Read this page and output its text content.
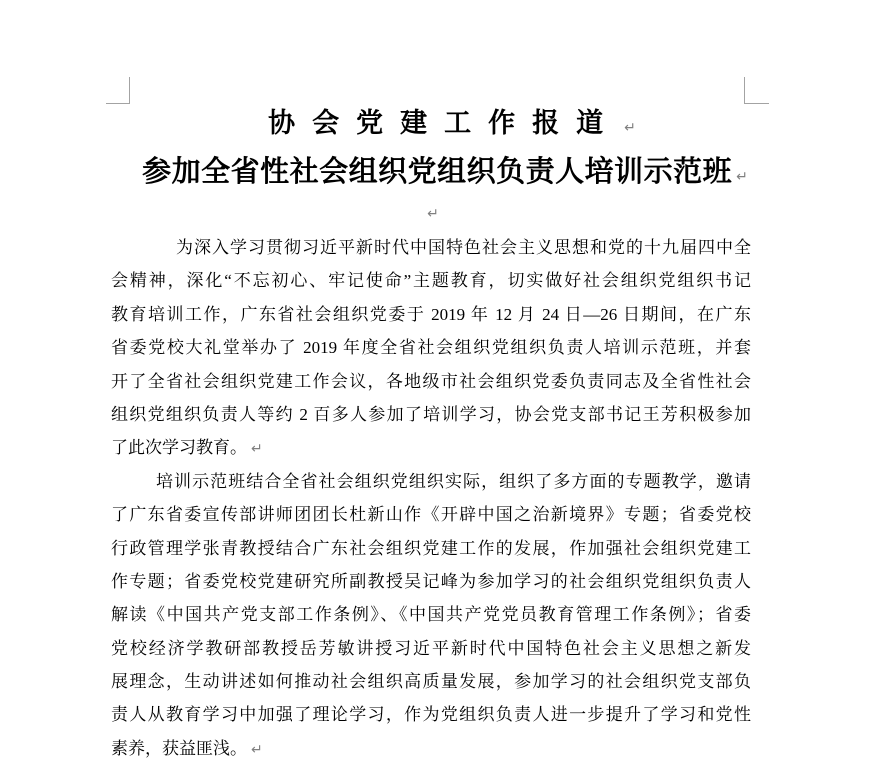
协会党建工作报道 ↵
参加全省性社会组织党组织负责人培训示范班 ↵
↵
为深入学习贯彻习近平新时代中国特色社会主义思想和党的十九届四中全
会精神，深化“不忘初心、牢记使命”主题教育，切实做好社会组织党组织书记
教育培训工作，广东省社会组织党委于 2019 年 12 月 24 日—26 日期间，在广东
省委党校大礼堂举办了 2019 年度全省社会组织党组织负责人培训示范班，并套
开了全省社会组织党建工作会议，各地级市社会组织党委负责同志及全省性社会
组织党组织负责人等约 2 百多人参加了培训学习，协会党支部书记王芳积极参加
了此次学习教育。 ↵
培训示范班结合全省社会组织党组织实际，组织了多方面的专题教学，邀请
了广东省委宣传部讲师团团长杜新山作《开辟中国之治新境界》专题；省委党校
行政管理学张青教授结合广东社会组织党建工作的发展，作加强社会组织党建工
作专题；省委党校党建研究所副教授吴记峰为参加学习的社会组织党组织负责人
解读《中国共产党支部工作条例》、《中国共产党党员教育管理工作条例》；省委
党校经济学教研部教授岳芳敏讲授习近平新时代中国特色社会主义思想之新发
展理念，生动讲述如何推动社会组织高质量发展，参加学习的社会组织党支部负
责人从教育学习中加强了理论学习，作为党组织负责人进一步提升了学习和党性
素养，获益匪浅。 ↵
